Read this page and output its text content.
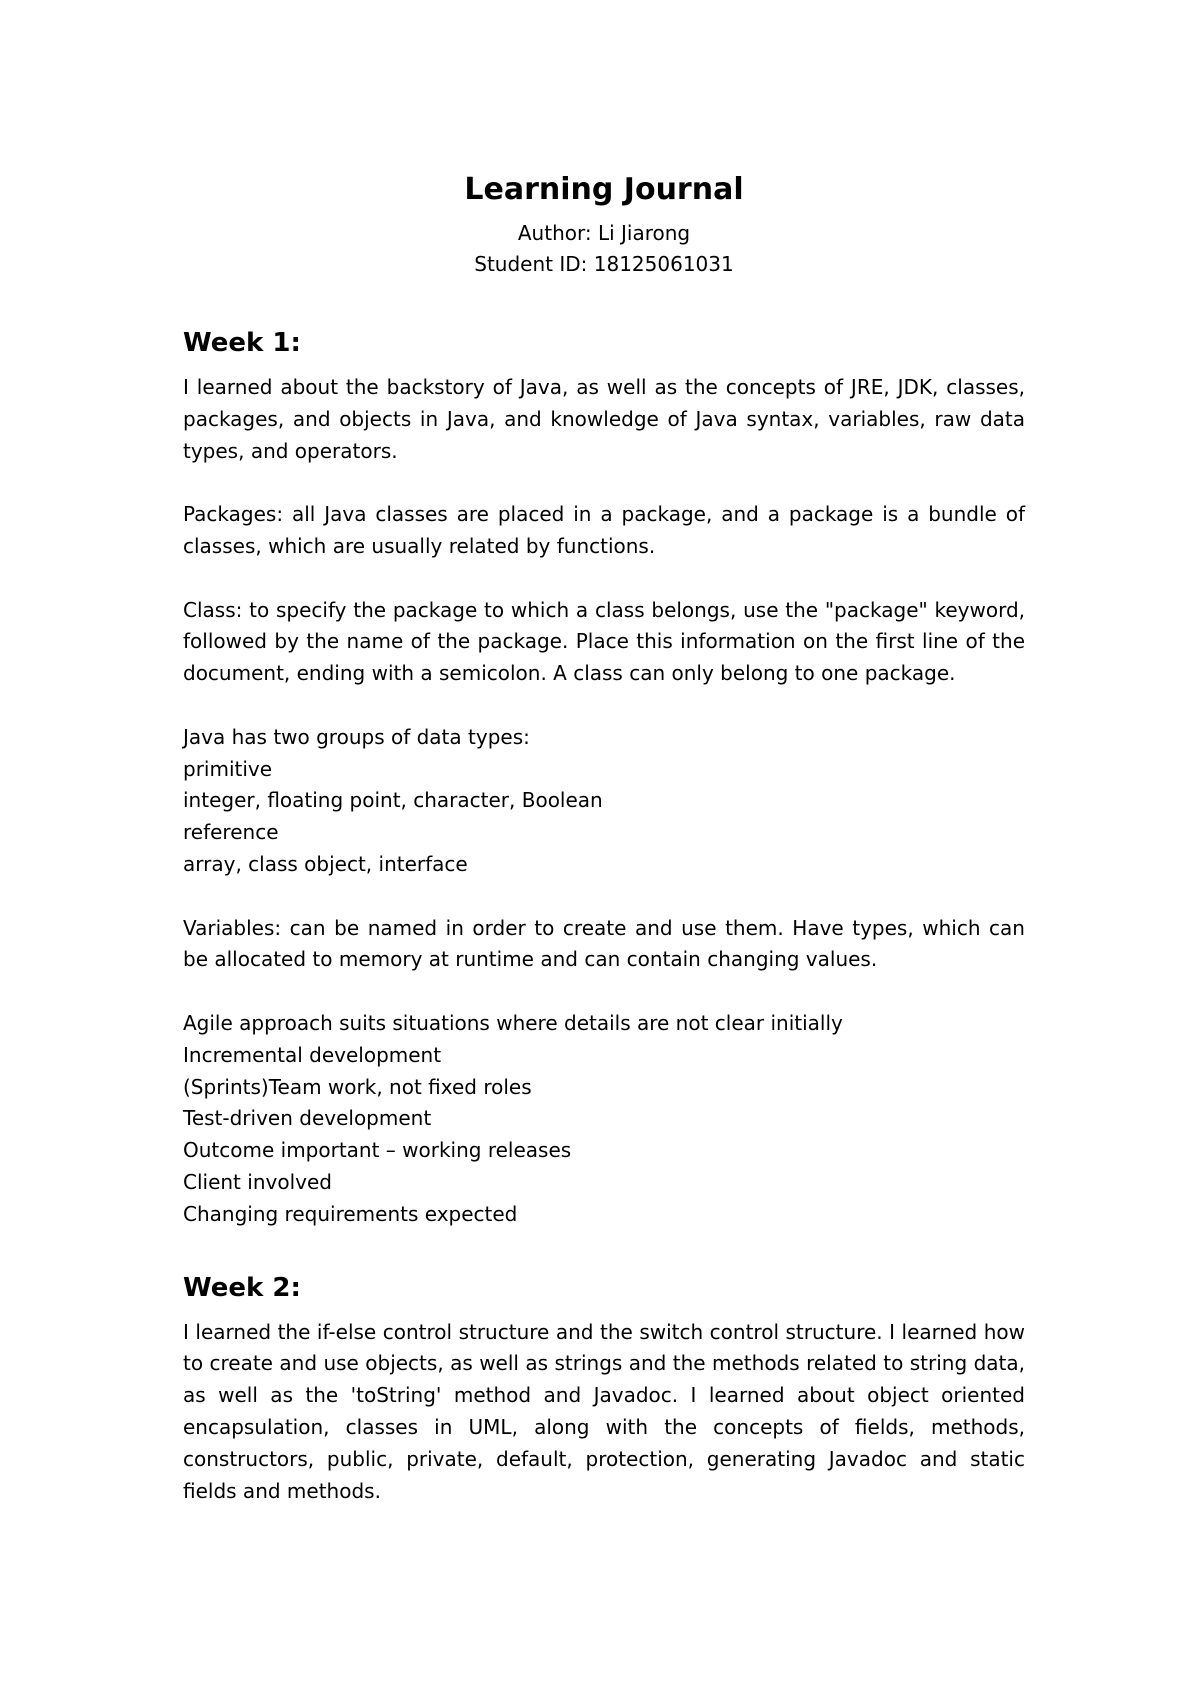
Learning Journal

Author: Li Jiarong

Student ID: 18125061031

Week 1:

I learned about the backstory of Java, as well as the concepts of JRE, JDK, classes, packages, and objects in Java, and knowledge of Java syntax, variables, raw data types, and operators.

Packages: all Java classes are placed in a package, and a package is a bundle of classes, which are usually related by functions.

Class: to specify the package to which a class belongs, use the "package" keyword, followed by the name of the package. Place this information on the first line of the document, ending with a semicolon. A class can only belong to one package.

Java has two groups of data types:
primitive
integer, floating point, character, Boolean
reference
array, class object, interface

Variables: can be named in order to create and use them. Have types, which can be allocated to memory at runtime and can contain changing values.

Agile approach suits situations where details are not clear initially
Incremental development
(Sprints)Team work, not fixed roles
Test-driven development
Outcome important – working releases
Client involved
Changing requirements expected
Week 2:

I learned the if-else control structure and the switch control structure. I learned how to create and use objects, as well as strings and the methods related to string data, as well as the 'toString' method and Javadoc. I learned about object oriented encapsulation, classes in UML, along with the concepts of fields, methods, constructors, public, private, default, protection, generating Javadoc and static fields and methods.
